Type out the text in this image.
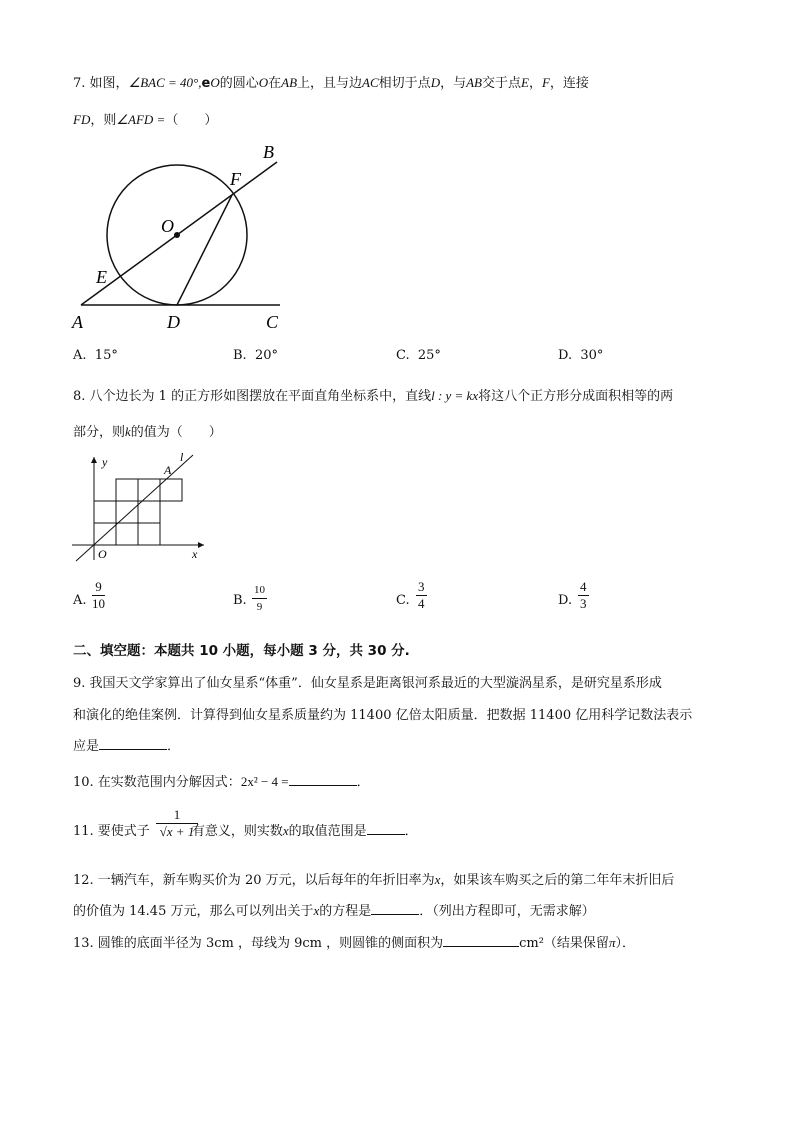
7. 如图，∠BAC = 40°,eO的圆心O在AB上，且与边AC相切于点D，与AB交于点E，F，连接
FD，则∠AFD =（　　）
B
F
O
E
A	D	C
A. 15°	B. 20°	C. 25°	D. 30°
8. 八个边长为 1 的正方形如图摆放在平面直角坐标系中，直线l : y = kx将这八个正方形分成面积相等的两
部分，则k的值为（　　）
y	l
A
O	x
A. $\frac{9}{10}$	B. $\frac{10}{9}$	C. $\frac{3}{4}$	D. $\frac{4}{3}$
二、填空题：本题共 10 小题，每小题 3 分，共 30 分.
9. 我国天文学家算出了仙女星系“体重”．仙女星系是距离银河系最近的大型漩涡星系，是研究星系形成
和演化的绝佳案例．计算得到仙女星系质量约为 11400 亿倍太阳质量．把数据 11400 亿用科学记数法表示
应是	．
10. 在实数范围内分解因式：2x² − 4 =	．
11. 要使式子	有意义，则实数x的取值范围是	．
$\frac{1}{√x + 1}$
12. 一辆汽车，新车购买价为 20 万元，以后每年的年折旧率为x，如果该车购买之后的第二年年末折旧后
的价值为 14.45 万元，那么可以列出关于x的方程是	．（列出方程即可，无需求解）
13. 圆锥的底面半径为 3cm ，母线为 9cm ，则圆锥的侧面积为	cm²（结果保留π）．
